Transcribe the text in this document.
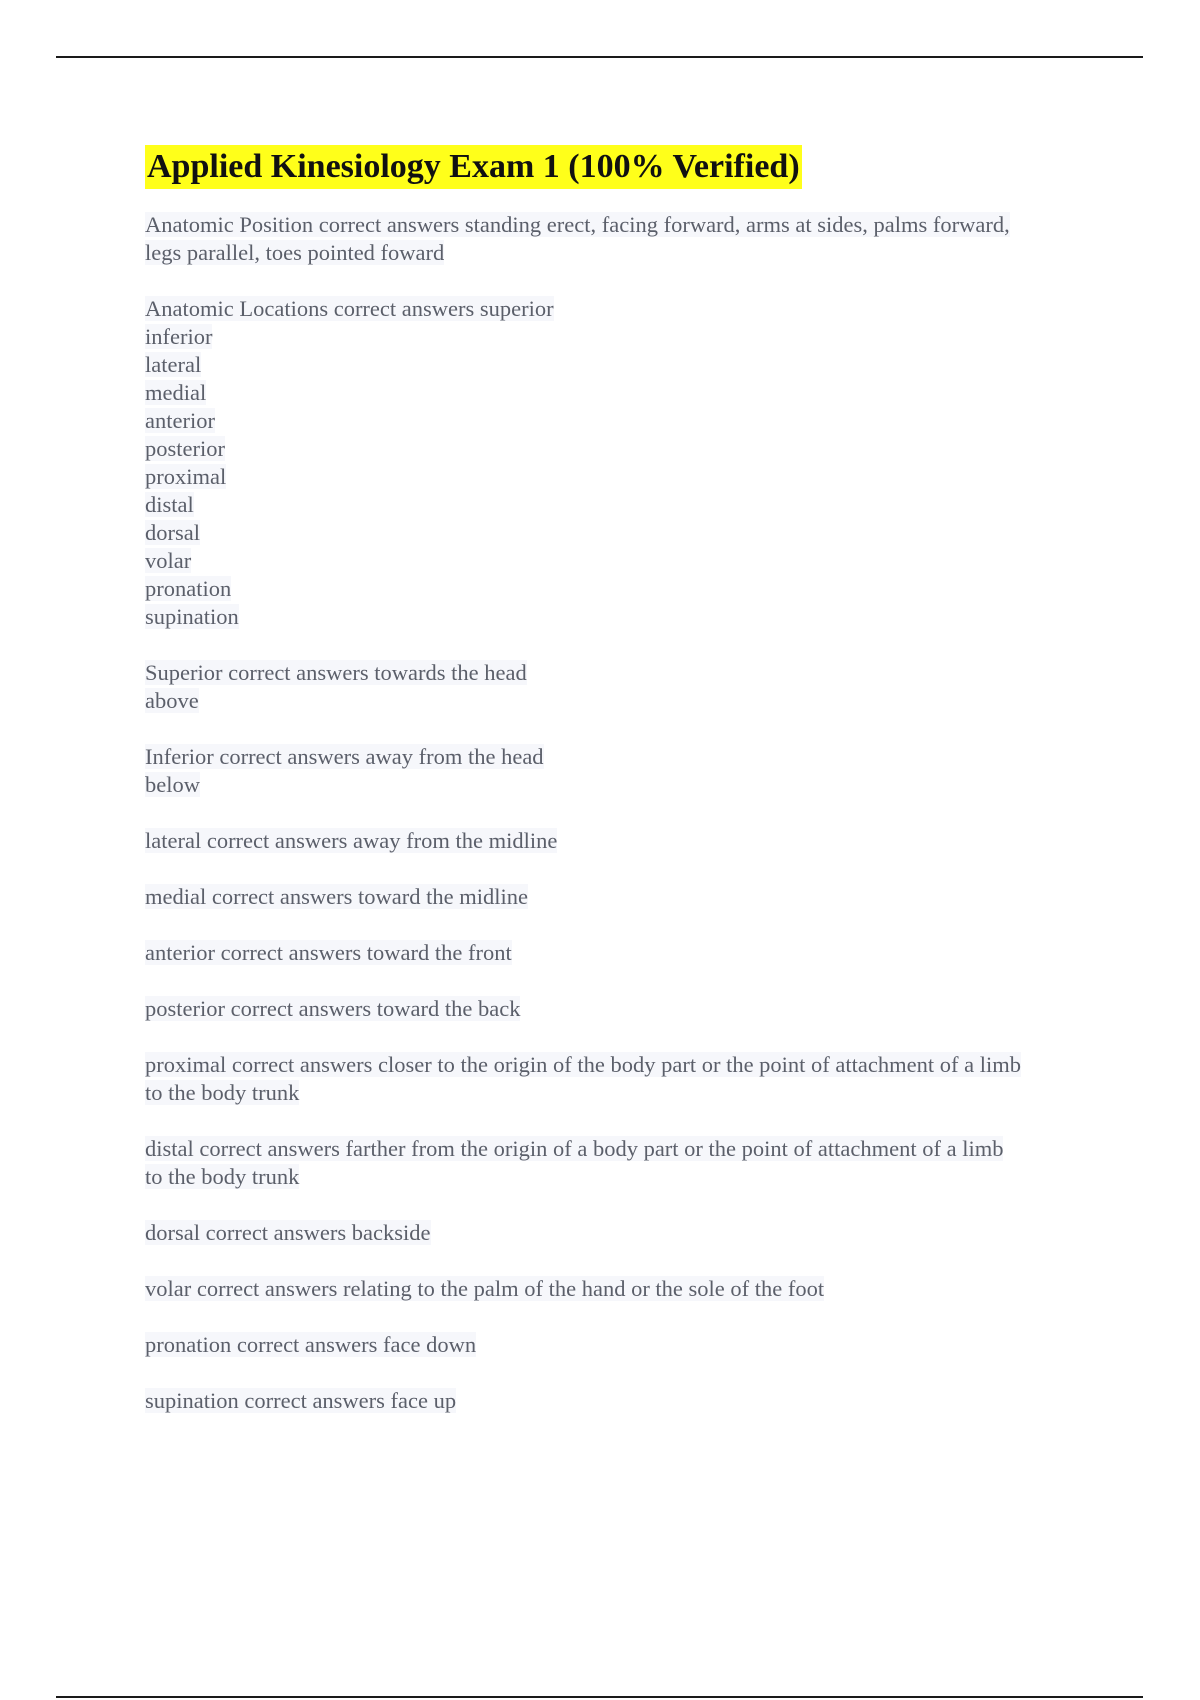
Applied Kinesiology Exam 1 (100% Verified)
Anatomic Position correct answers standing erect, facing forward, arms at sides, palms forward,
legs parallel, toes pointed foward
Anatomic Locations correct answers superior
inferior
lateral
medial
anterior
posterior
proximal
distal
dorsal
volar
pronation
supination
Superior correct answers towards the head
above
Inferior correct answers away from the head
below
lateral correct answers away from the midline
medial correct answers toward the midline
anterior correct answers toward the front
posterior correct answers toward the back
proximal correct answers closer to the origin of the body part or the point of attachment of a limb
to the body trunk
distal correct answers farther from the origin of a body part or the point of attachment of a limb
to the body trunk
dorsal correct answers backside
volar correct answers relating to the palm of the hand or the sole of the foot
pronation correct answers face down
supination correct answers face up
